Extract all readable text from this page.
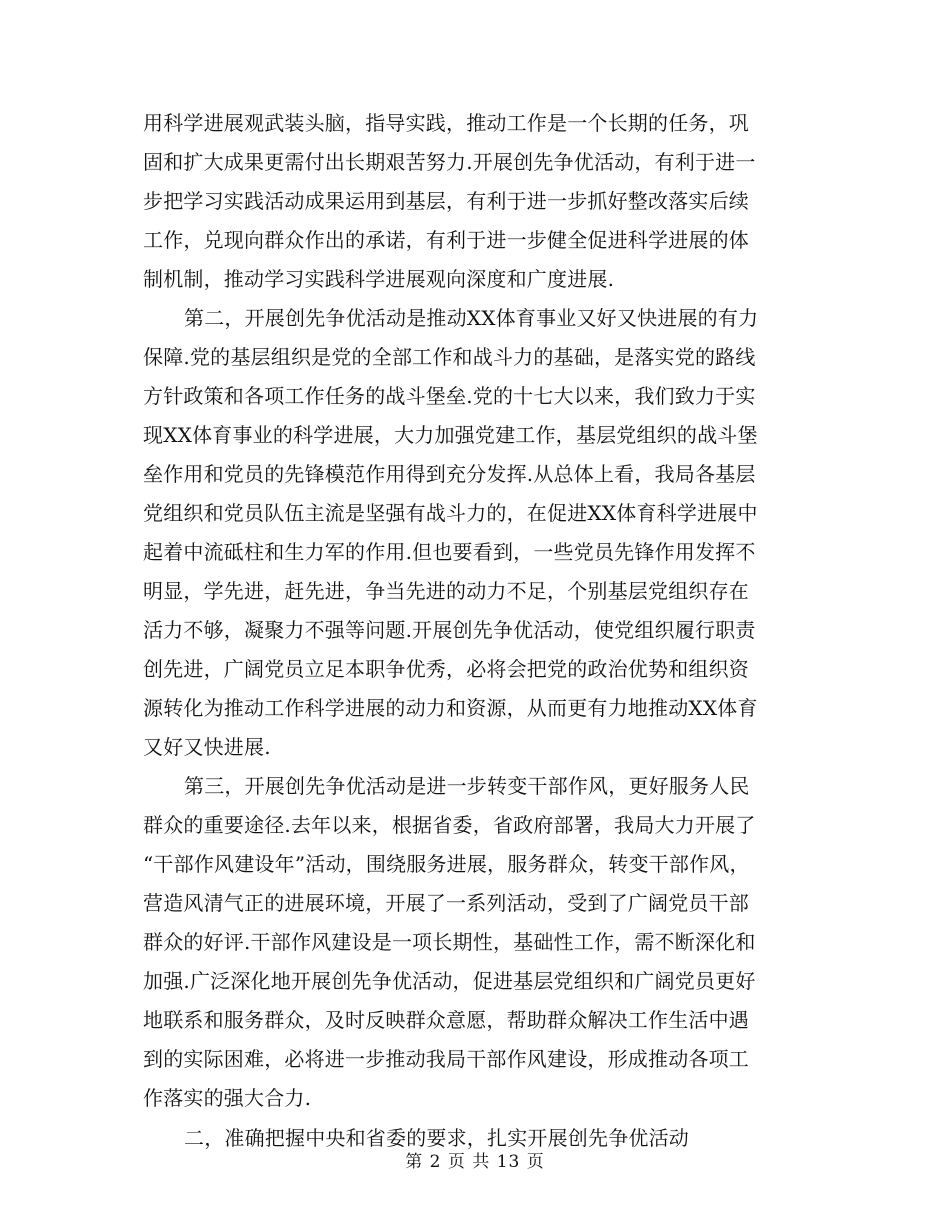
用科学进展观武装头脑，指导实践，推动工作是一个长期的任务，巩
固和扩大成果更需付出长期艰苦努力.开展创先争优活动，有利于进一
步把学习实践活动成果运用到基层，有利于进一步抓好整改落实后续
工作，兑现向群众作出的承诺，有利于进一步健全促进科学进展的体
制机制，推动学习实践科学进展观向深度和广度进展.
第二，开展创先争优活动是推动XX体育事业又好又快进展的有力
保障.党的基层组织是党的全部工作和战斗力的基础，是落实党的路线
方针政策和各项工作任务的战斗堡垒.党的十七大以来，我们致力于实
现XX体育事业的科学进展，大力加强党建工作，基层党组织的战斗堡
垒作用和党员的先锋模范作用得到充分发挥.从总体上看，我局各基层
党组织和党员队伍主流是坚强有战斗力的，在促进XX体育科学进展中
起着中流砥柱和生力军的作用.但也要看到，一些党员先锋作用发挥不
明显，学先进，赶先进，争当先进的动力不足，个别基层党组织存在
活力不够，凝聚力不强等问题.开展创先争优活动，使党组织履行职责
创先进，广阔党员立足本职争优秀，必将会把党的政治优势和组织资
源转化为推动工作科学进展的动力和资源，从而更有力地推动XX体育
又好又快进展.
第三，开展创先争优活动是进一步转变干部作风，更好服务人民
群众的重要途径.去年以来，根据省委，省政府部署，我局大力开展了
“干部作风建设年”活动，围绕服务进展，服务群众，转变干部作风，
营造风清气正的进展环境，开展了一系列活动，受到了广阔党员干部
群众的好评.干部作风建设是一项长期性，基础性工作，需不断深化和
加强.广泛深化地开展创先争优活动，促进基层党组织和广阔党员更好
地联系和服务群众，及时反映群众意愿，帮助群众解决工作生活中遇
到的实际困难，必将进一步推动我局干部作风建设，形成推动各项工
作落实的强大合力.
二，准确把握中央和省委的要求，扎实开展创先争优活动
第 2 页 共 13 页
